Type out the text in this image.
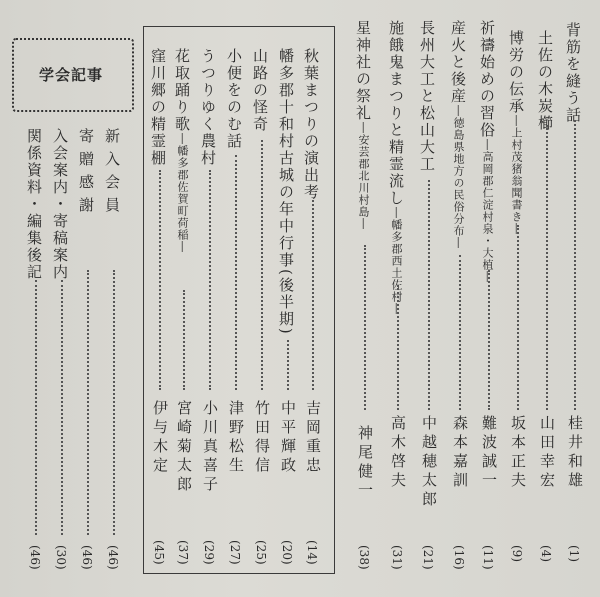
背筋を縫う話
桂井和雄
(1)
土佐の木炭櫛
山田幸宏
(4)
博労の伝承―上村茂猪翁聞書き―
坂本正夫
(9)
祈禱始めの習俗―高岡郡仁淀村泉・大植―
難波誠一
(11)
産火と後産―徳島県地方の民俗分布―
森本嘉訓
(16)
長州大工と松山大工
中越穂太郎
(21)
施餓鬼まつりと精霊流し―幡多郡西土佐村―
高木啓夫
(31)
星神社の祭礼―安芸郡北川村島―
神尾健一
(38)
秋葉まつりの演出考
吉岡重忠
(14)
幡多郡十和村古城の年中行事(後半期)
中平輝政
(20)
山路の怪奇
竹田得信
(25)
小便をのむ話
津野松生
(27)
うつりゆく農村
小川真喜子
(29)
花取踊り歌―幡多郡佐賀町荷稲―
宮崎菊太郎
(37)
窪川郷の精霊棚
伊与木定
(45)
学会記事
新入会員
(46)
寄贈感謝
(46)
入会案内・寄稿案内
(30)
関係資料・編集後記
(46)
